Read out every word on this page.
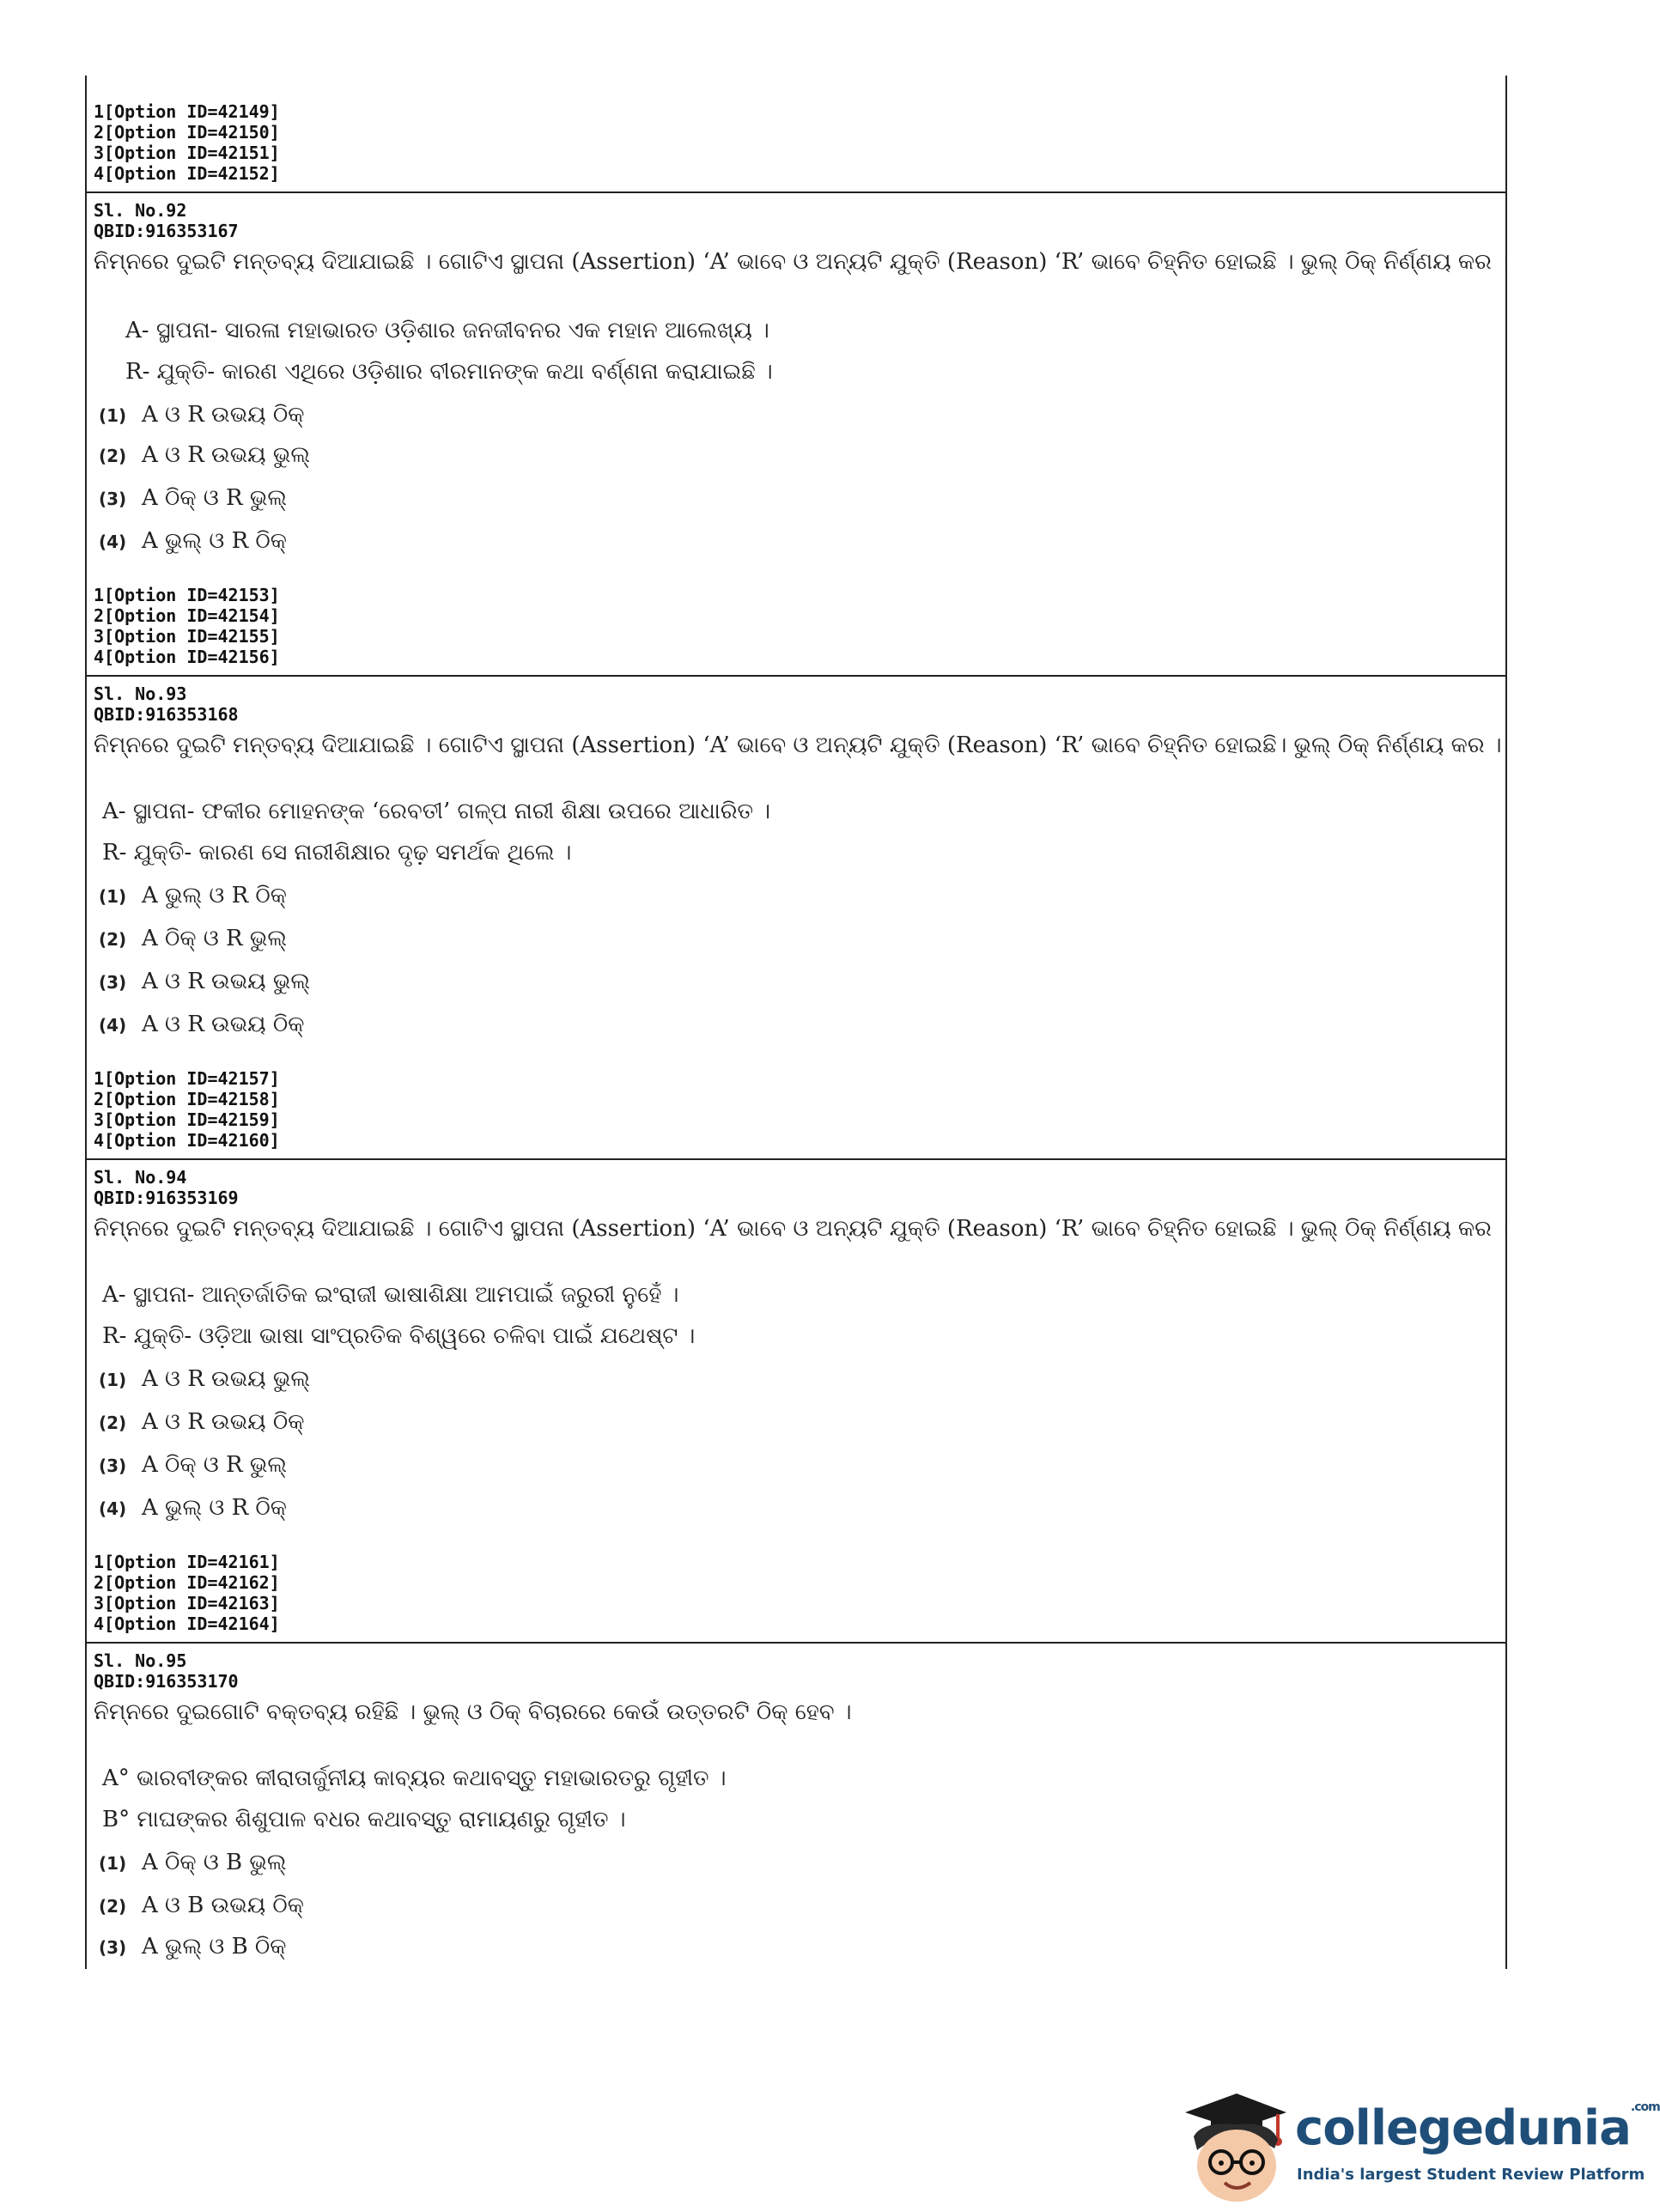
1[Option ID=42149]
2[Option ID=42150]
3[Option ID=42151]
4[Option ID=42152]
Sl. No.92
QBID:916353167
ନିମ୍ନରେ ଦୁଇଟି ମନ୍ତବ୍ୟ ଦିଆଯାଇଛି । ଗୋଟିଏ ସ୍ଥାପନା (Assertion) ‘A’ ଭାବେ ଓ ଅନ୍ୟଟି ଯୁକ୍ତି (Reason) ‘R’ ଭାବେ ଚିହ୍ନିତ ହୋଇଛି । ଭୁଲ୍ ଠିକ୍ ନିର୍ଣ୍ଣୟ କର ।
A- ସ୍ଥାପନା- ସାରଳା ମହାଭାରତ ଓଡ଼ିଶାର ଜନଜୀବନର ଏକ ମହାନ ଆଲେଖ୍ୟ ।
R- ଯୁକ୍ତି- କାରଣ ଏଥିରେ ଓଡ଼ିଶାର ବୀରମାନଙ୍କ କଥା ବର୍ଣ୍ଣନା କରାଯାଇଛି ।
(1) A ଓ R ଉଭୟ ଠିକ୍
(2) A ଓ R ଉଭୟ ଭୁଲ୍
(3) A ଠିକ୍ ଓ R ଭୁଲ୍
(4) A ଭୁଲ୍ ଓ R ଠିକ୍
1[Option ID=42153]
2[Option ID=42154]
3[Option ID=42155]
4[Option ID=42156]
Sl. No.93
QBID:916353168
ନିମ୍ନରେ ଦୁଇଟି ମନ୍ତବ୍ୟ ଦିଆଯାଇଛି । ଗୋଟିଏ ସ୍ଥାପନା (Assertion) ‘A’ ଭାବେ ଓ ଅନ୍ୟଟି ଯୁକ୍ତି (Reason) ‘R’ ଭାବେ ଚିହ୍ନିତ ହୋଇଛି। ଭୁଲ୍ ଠିକ୍ ନିର୍ଣ୍ଣୟ କର ।
A- ସ୍ଥାପନା- ଫକୀର ମୋହନଙ୍କ ‘ରେବତୀ’ ଗଳ୍ପ ନାରୀ ଶିକ୍ଷା ଉପରେ ଆଧାରିତ ।
R- ଯୁକ୍ତି- କାରଣ ସେ ନାରୀଶିକ୍ଷାର ଦୃଢ଼ ସମର୍ଥକ ଥିଲେ ।
(1) A ଭୁଲ୍ ଓ R ଠିକ୍
(2) A ଠିକ୍ ଓ R ଭୁଲ୍
(3) A ଓ R ଉଭୟ ଭୁଲ୍
(4) A ଓ R ଉଭୟ ଠିକ୍
1[Option ID=42157]
2[Option ID=42158]
3[Option ID=42159]
4[Option ID=42160]
Sl. No.94
QBID:916353169
ନିମ୍ନରେ ଦୁଇଟି ମନ୍ତବ୍ୟ ଦିଆଯାଇଛି । ଗୋଟିଏ ସ୍ଥାପନା (Assertion) ‘A’ ଭାବେ ଓ ଅନ୍ୟଟି ଯୁକ୍ତି (Reason) ‘R’ ଭାବେ ଚିହ୍ନିତ ହୋଇଛି । ଭୁଲ୍ ଠିକ୍ ନିର୍ଣ୍ଣୟ କର ।
A- ସ୍ଥାପନା- ଆନ୍ତର୍ଜାତିକ ଇଂରାଜୀ ଭାଷାଶିକ୍ଷା ଆମପାଇଁ ଜରୁରୀ ନୁହେଁ ।
R- ଯୁକ୍ତି- ଓଡ଼ିଆ ଭାଷା ସାଂପ୍ରତିକ ବିଶ୍ୱରେ ଚଳିବା ପାଇଁ ଯଥେଷ୍ଟ ।
(1) A ଓ R ଉଭୟ ଭୁଲ୍
(2) A ଓ R ଉଭୟ ଠିକ୍
(3) A ଠିକ୍ ଓ R ଭୁଲ୍
(4) A ଭୁଲ୍ ଓ R ଠିକ୍
1[Option ID=42161]
2[Option ID=42162]
3[Option ID=42163]
4[Option ID=42164]
Sl. No.95
QBID:916353170
ନିମ୍ନରେ ଦୁଇଗୋଟି ବକ୍ତବ୍ୟ ରହିଛି । ଭୁଲ୍ ଓ ଠିକ୍ ବିଚାରରେ କେଉଁ ଉତ୍ତରଟି ଠିକ୍ ହେବ ।
A° ଭାରବୀଙ୍କର କୀରାତାର୍ଜୁନୀୟ କାବ୍ୟର କଥାବସ୍ତୁ ମହାଭାରତରୁ ଗୃହୀତ ।
B° ମାଘଙ୍କର ଶିଶୁପାଳ ବଧର କଥାବସ୍ତୁ ରାମାୟଣରୁ ଗୃହୀତ ।
(1) A ଠିକ୍ ଓ B ଭୁଲ୍
(2) A ଓ B ଉଭୟ ଠିକ୍
(3) A ଭୁଲ୍ ଓ B ଠିକ୍
collegedunia$^{.com}$
India's largest Student Review Platform
